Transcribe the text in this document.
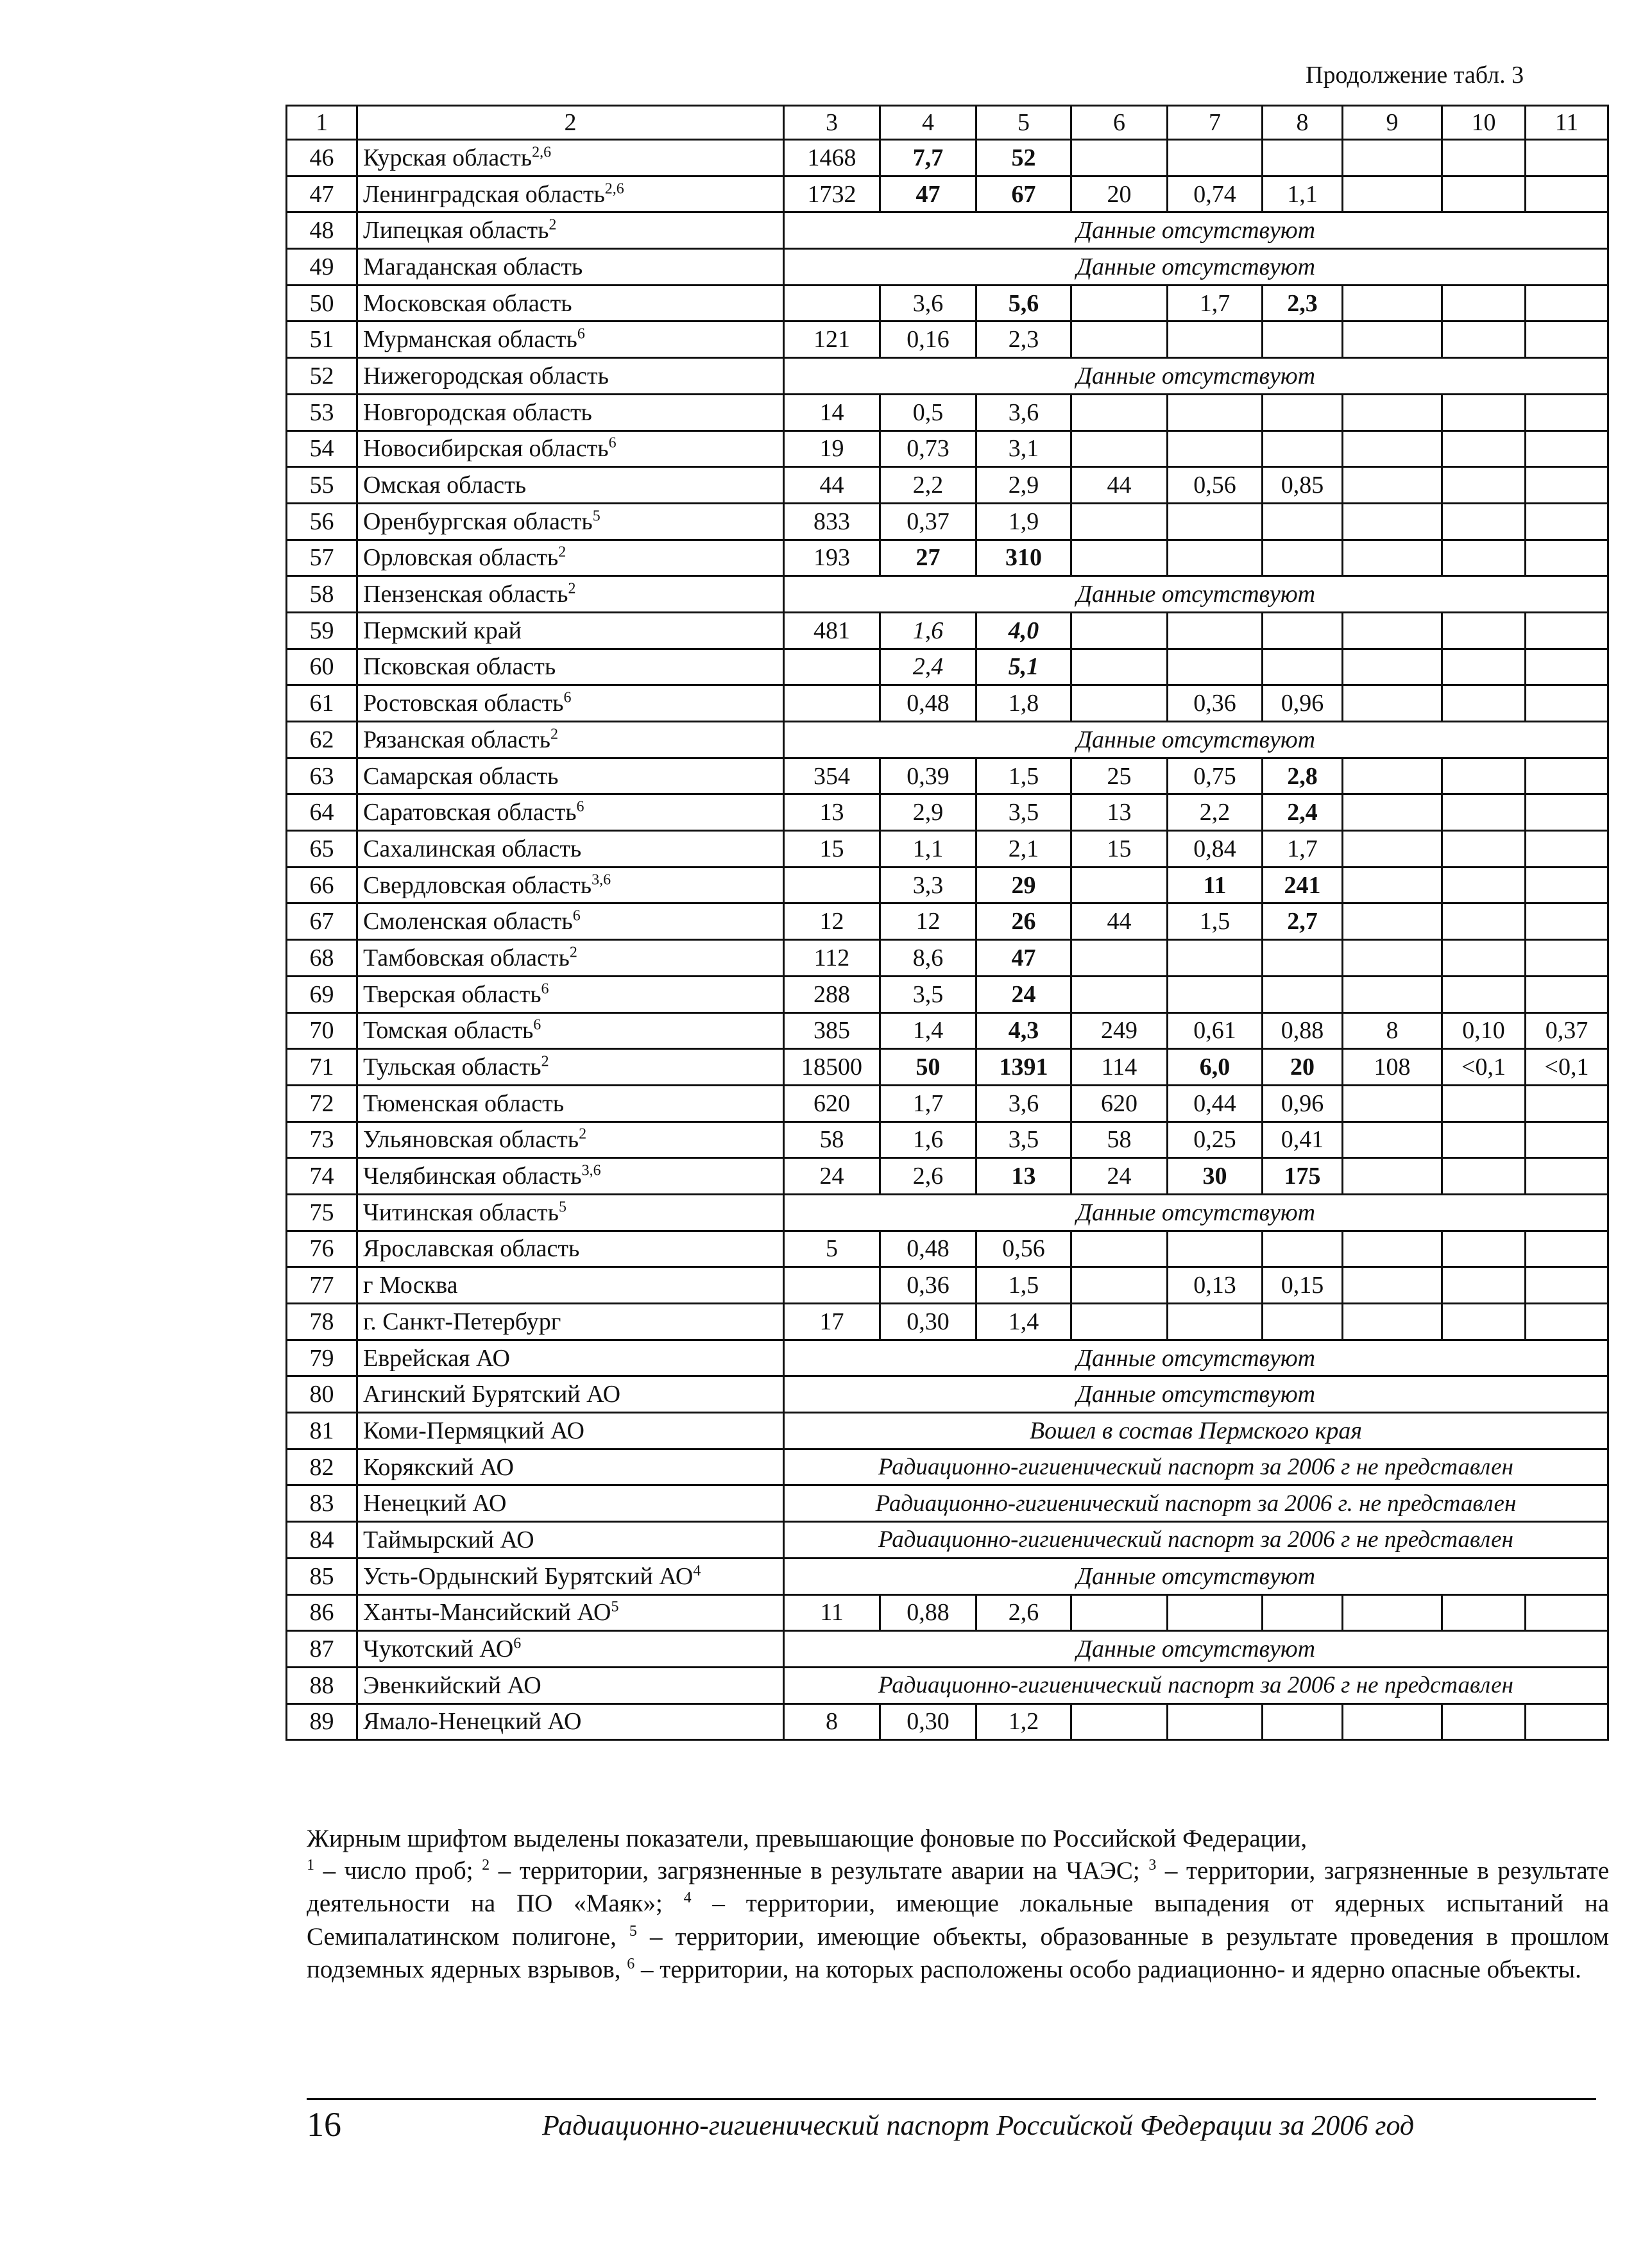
Продолжение табл. 3
1	2	3	4	5	6	7	8	9	10	11
46	Курская область$^{2,6}$	1468	7,7	52						
47	Ленинградская область$^{2,6}$	1732	47	67	20	0,74	1,1			
48	Липецкая область$^2$	Данные отсутствуют								
49	Магаданская область	Данные отсутствуют								
50	Московская область		3,6	5,6		1,7	2,3			
51	Мурманская область$^6$	121	0,16	2,3						
52	Нижегородская область	Данные отсутствуют								
53	Новгородская область	14	0,5	3,6						
54	Новосибирская область$^6$	19	0,73	3,1						
55	Омская область	44	2,2	2,9	44	0,56	0,85			
56	Оренбургская область$^5$	833	0,37	1,9						
57	Орловская область$^2$	193	27	310						
58	Пензенская область$^2$	Данные отсутствуют								
59	Пермский край	481	1,6	4,0						
60	Псковская область		2,4	5,1						
61	Ростовская область$^6$		0,48	1,8		0,36	0,96			
62	Рязанская область$^2$	Данные отсутствуют								
63	Самарская область	354	0,39	1,5	25	0,75	2,8			
64	Саратовская область$^6$	13	2,9	3,5	13	2,2	2,4			
65	Сахалинская область	15	1,1	2,1	15	0,84	1,7			
66	Свердловская область$^{3,6}$		3,3	29		11	241			
67	Смоленская область$^6$	12	12	26	44	1,5	2,7			
68	Тамбовская область$^2$	112	8,6	47						
69	Тверская область$^6$	288	3,5	24						
70	Томская область$^6$	385	1,4	4,3	249	0,61	0,88	8	0,10	0,37
71	Тульская область$^2$	18500	50	1391	114	6,0	20	108	<0,1	<0,1
72	Тюменская область	620	1,7	3,6	620	0,44	0,96			
73	Ульяновская область$^2$	58	1,6	3,5	58	0,25	0,41			
74	Челябинская область$^{3,6}$	24	2,6	13	24	30	175			
75	Читинская область$^5$	Данные отсутствуют								
76	Ярославская область	5	0,48	0,56						
77	г Москва		0,36	1,5		0,13	0,15			
78	г. Санкт-Петербург	17	0,30	1,4						
79	Еврейская АО	Данные отсутствуют								
80	Агинский Бурятский АО	Данные отсутствуют								
81	Коми-Пермяцкий АО	Вошел в состав Пермского края								
82	Корякский АО	Радиационно-гигиенический паспорт за 2006 г не представлен								
83	Ненецкий АО	Радиационно-гигиенический паспорт за 2006 г. не представлен								
84	Таймырский АО	Радиационно-гигиенический паспорт за 2006 г не представлен								
85	Усть-Ордынский Бурятский $АО^4$	Данные отсутствуют								
86	Ханты-Мансийский $АО^5$	11	0,88	2,6						
87	Чукотский $АО^6$	Данные отсутствуют								
88	Эвенкийский АО	Радиационно-гигиенический паспорт за 2006 г не представлен								
89	Ямало-Ненецкий АО	8	0,30	1,2						

Жирным шрифтом выделены показатели, превышающие фоновые по Российской Федерации,

$^1$ – число проб; $^2$ – территории, загрязненные в результате аварии на ЧАЭС; $^3$ – территории, загрязненные в результате деятельности на ПО «Маяк»; $^4$ – территории, имеющие локальные выпадения от ядерных испытаний на Семипалатинском полигоне, $^5$ – территории, имеющие объекты, образованные в результате проведения в прошлом подземных ядерных взрывов, $^6$ – территории, на которых расположены особо радиационно- и ядерно опасные объекты.

16	Радиационно-гигиенический паспорт Российской Федерации за 2006 год
